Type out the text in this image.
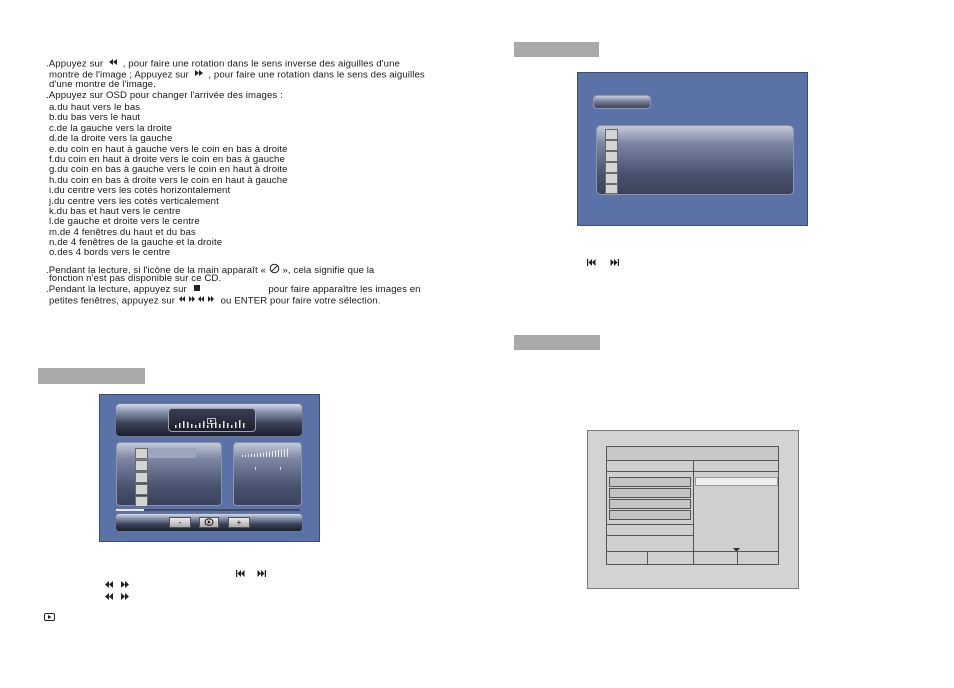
.Appuyez sur , pour faire une rotation dans le sens inverse des aiguilles d'une
montre de l'image ; Appuyez sur , pour faire une rotation dans le sens des aiguilles
d'une montre de l'image.
.Appuyez sur OSD pour changer l'arrivée des images :
a.du haut vers le bas
b.du bas vers le haut
c.de la gauche vers la droite
d.de la droite vers la gauche
e.du coin en haut à gauche vers le coin en bas à droite
f.du coin en haut à droite vers le coin en bas à gauche
g.du coin en bas à gauche vers le coin en haut à droite
h.du coin en bas à droite vers le coin en haut à gauche
i.du centre vers les cotés horizontalement
j.du centre vers les cotés verticalement
k.du bas et haut vers le centre
l.de gauche et droite vers le centre
m.de 4 fenêtres du haut et du bas
n.de 4 fenêtres de la gauche et la droite
o.des 4 bords vers le centre
.Pendant la lecture, si l'icône de la main apparaît « », cela signifie que la
fonction n'est pas disponible sur ce CD.
.Pendant la lecture, appuyez sur	pour faire apparaître les images en
petites fenêtres, appuyez sur	ou ENTER pour faire votre sélection.
-	+
